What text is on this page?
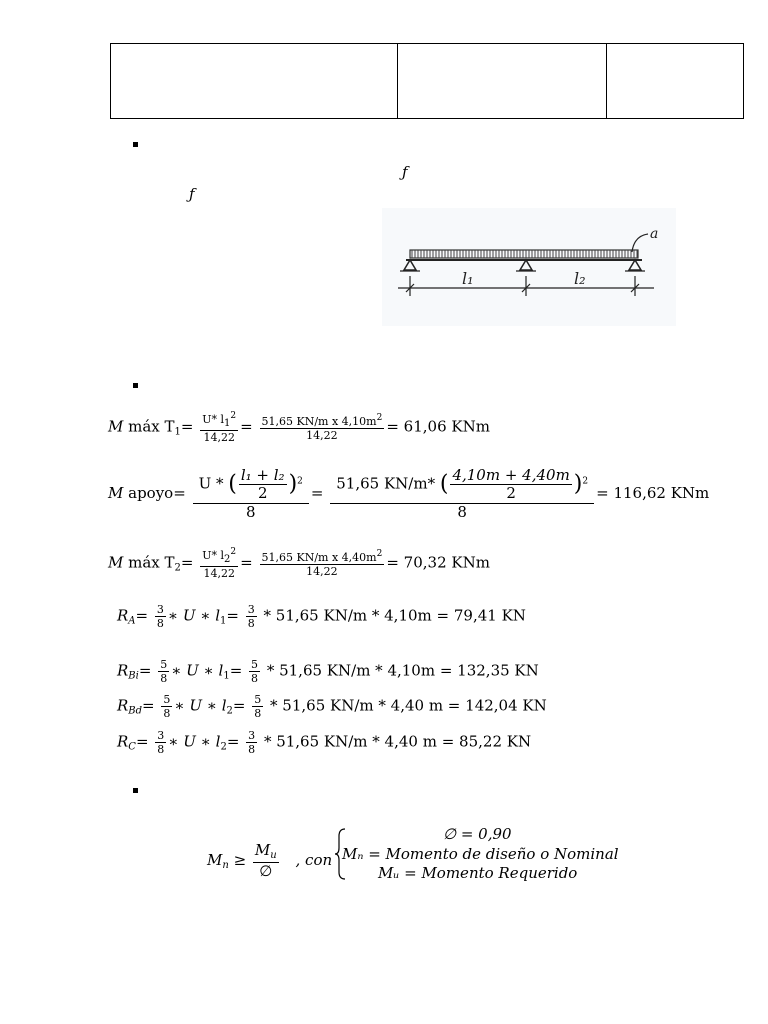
ƒ
ƒ
a
l₁	l₂
M máx $T_1= \frac{U* l1^2}{14,22} = \frac{51,65 KN/m x 4,10m^2}{14,22} = 61,06$ KNm
M apoyo= $\frac{U * ( \frac{\text{l₁ + l₂}}{2} )^2}{8} = \frac{51,65 KN/m* ( \frac{4,10m + 4,40m}{2} )^2}{8} = 116,62$ KNm
M máx $T_2= \frac{U* l2^2}{14,22} = \frac{51,65 KN/m x 4,40m^2}{14,22} = 70,32$ KNm
$R_A= \frac{3}{8}$ ∗ U ∗ $l_1= \frac{3}{8} * 51,65$ KN/m * 4,10m = 79,41 KN
$R_{Bi}= \frac{5}{8}$ ∗ U ∗ $l_1= \frac{5}{8} * 51,65$ KN/m * 4,10m = 132,35 KN
$R_{Bd}= \frac{5}{8}$ ∗ U ∗ $l_2= \frac{5}{8} * 51,65$ KN/m * 4,40 m = 142,04 KN
$R_C= \frac{3}{8}$ ∗ U ∗ $l_2= \frac{3}{8} * 51,65$ KN/m * 4,40 m = 85,22 KN
$M_n \ge \frac{M_u}{\emptyset}$ , con
∅ = 0,90
Mₙ = Momento de diseño o Nominal
Mᵤ = Momento Requerido
